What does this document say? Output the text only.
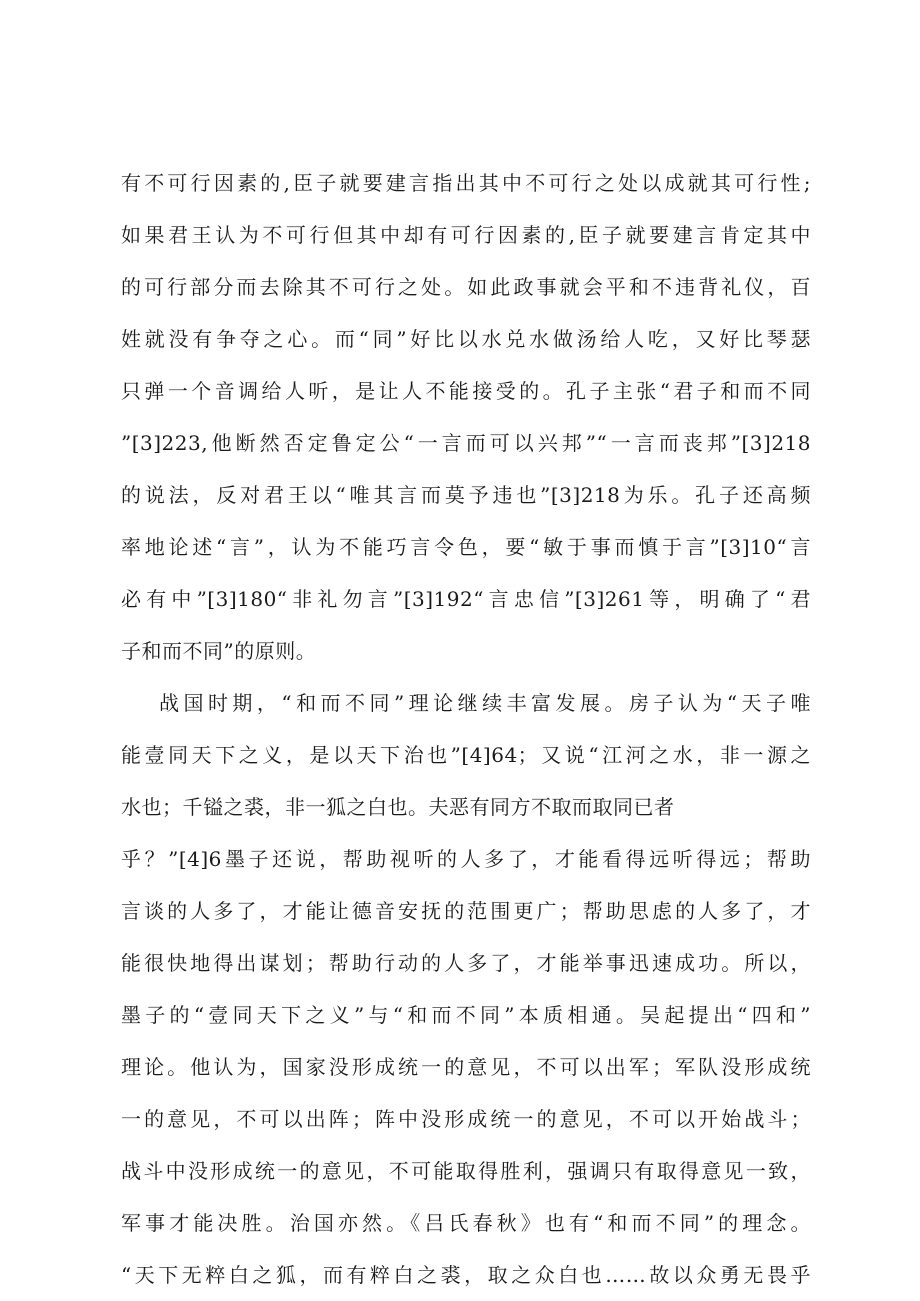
有不可行因素的,臣子就要建言指出其中不可行之处以成就其可行性;
如果君王认为不可行但其中却有可行因素的,臣子就要建言肯定其中
的可行部分而去除其不可行之处。如此政事就会平和不违背礼仪，百
姓就没有争夺之心。而“同”好比以水兑水做汤给人吃，又好比琴瑟
只弹一个音调给人听，是让人不能接受的。孔子主张“君子和而不同
”[3]223,他断然否定鲁定公“一言而可以兴邦”“一言而丧邦”[3]218
的说法，反对君王以“唯其言而莫予违也”[3]218为乐。孔子还高频
率地论述“言”，认为不能巧言令色，要“敏于事而慎于言”[3]10“言
必有中”[3]180“非礼勿言”[3]192“言忠信”[3]261等，明确了“君
子和而不同”的原则。
战国时期，“和而不同”理论继续丰富发展。房子认为“天子唯
能壹同天下之义，是以天下治也”[4]64；又说“江河之水，非一源之
水也；千镒之裘，非一狐之白也。夫恶有同方不取而取同已者
乎？”[4]6墨子还说，帮助视听的人多了，才能看得远听得远；帮助
言谈的人多了，才能让德音安抚的范围更广；帮助思虑的人多了，才
能很快地得出谋划；帮助行动的人多了，才能举事迅速成功。所以，
墨子的“壹同天下之义”与“和而不同”本质相通。吴起提出“四和”
理论。他认为，国家没形成统一的意见，不可以出军；军队没形成统
一的意见，不可以出阵；阵中没形成统一的意见，不可以开始战斗；
战斗中没形成统一的意见，不可能取得胜利，强调只有取得意见一致，
军事才能决胜。治国亦然。《吕氏春秋》也有“和而不同”的理念。
“天下无粹白之狐，而有粹白之裘，取之众白也……故以众勇无畏乎
